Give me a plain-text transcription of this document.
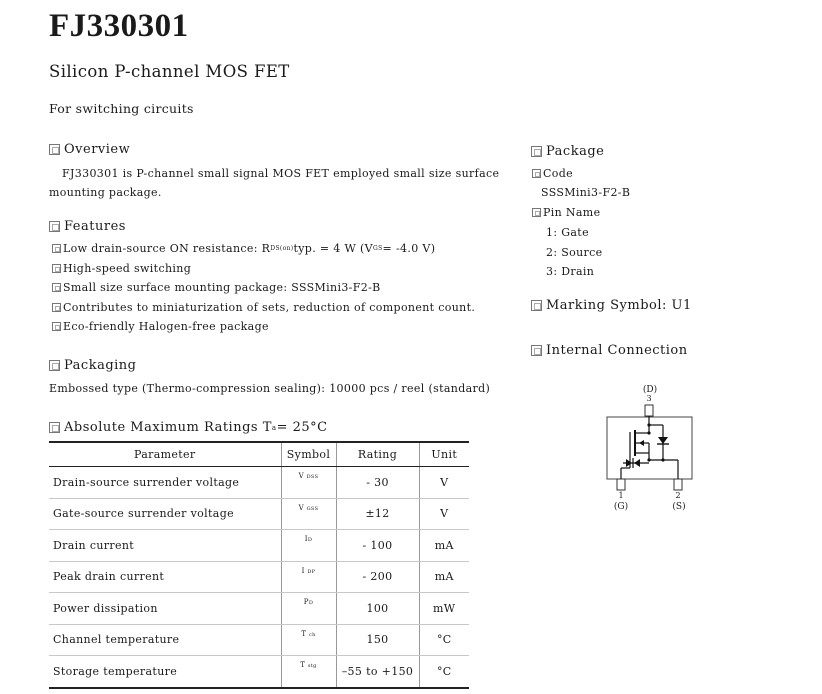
FJ330301
Silicon P-channel MOS FET
For switching circuits
Overview
FJ330301 is P-channel small signal MOS FET employed small size surface
mounting package.
Features
Low drain-source ON resistance: R DS(on) typ. = 4 W (V GS = -4.0 V)
High-speed switching
Small size surface mounting package: SSSMini3-F2-B
Contributes to miniaturization of sets, reduction of component count.
Eco-friendly Halogen-free package
Packaging
Embossed type (Thermo-compression sealing): 10000 pcs / reel (standard)
Absolute Maximum Ratings T a = 25°C
Parameter	Symbol	Rating	Unit
Drain-source surrender voltage	V DSS	- 30	V
Gate-source surrender voltage	V GSS	±12	V
Drain current	ID	- 100	mA
Peak drain current	I DP	- 200	mA
Power dissipation	PD	100	mW
Channel temperature	T ch	150	°C
Storage temperature	T stg	–55 to +150	°C
Package
Code
SSSMini3-F2-B
Pin Name
1: Gate
2: Source
3: Drain
Marking Symbol: U1
Internal Connection
(D)
3
1	2
(G)	(S)
